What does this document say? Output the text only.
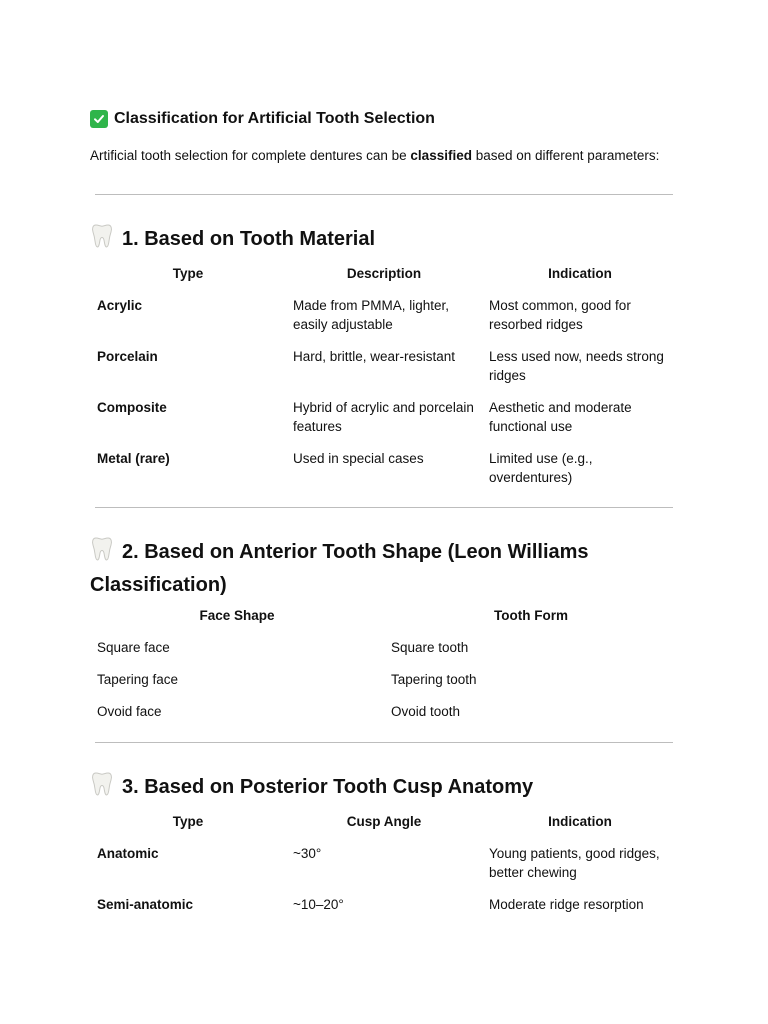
Classification for Artificial Tooth Selection
Artificial tooth selection for complete dentures can be classified based on different parameters:
1. Based on Tooth Material
Type	Description	Indication
Acrylic	Made from PMMA, lighter, easily adjustable	Most common, good for resorbed ridges
Porcelain	Hard, brittle, wear-resistant	Less used now, needs strong ridges
Composite	Hybrid of acrylic and porcelain features	Aesthetic and moderate functional use
Metal (rare)	Used in special cases	Limited use (e.g., overdentures)
2. Based on Anterior Tooth Shape (Leon Williams Classification)
Face Shape	Tooth Form
Square face	Square tooth
Tapering face	Tapering tooth
Ovoid face	Ovoid tooth
3. Based on Posterior Tooth Cusp Anatomy
Type	Cusp Angle	Indication
Anatomic	~30°	Young patients, good ridges, better chewing
Semi-anatomic	~10–20°	Moderate ridge resorption
